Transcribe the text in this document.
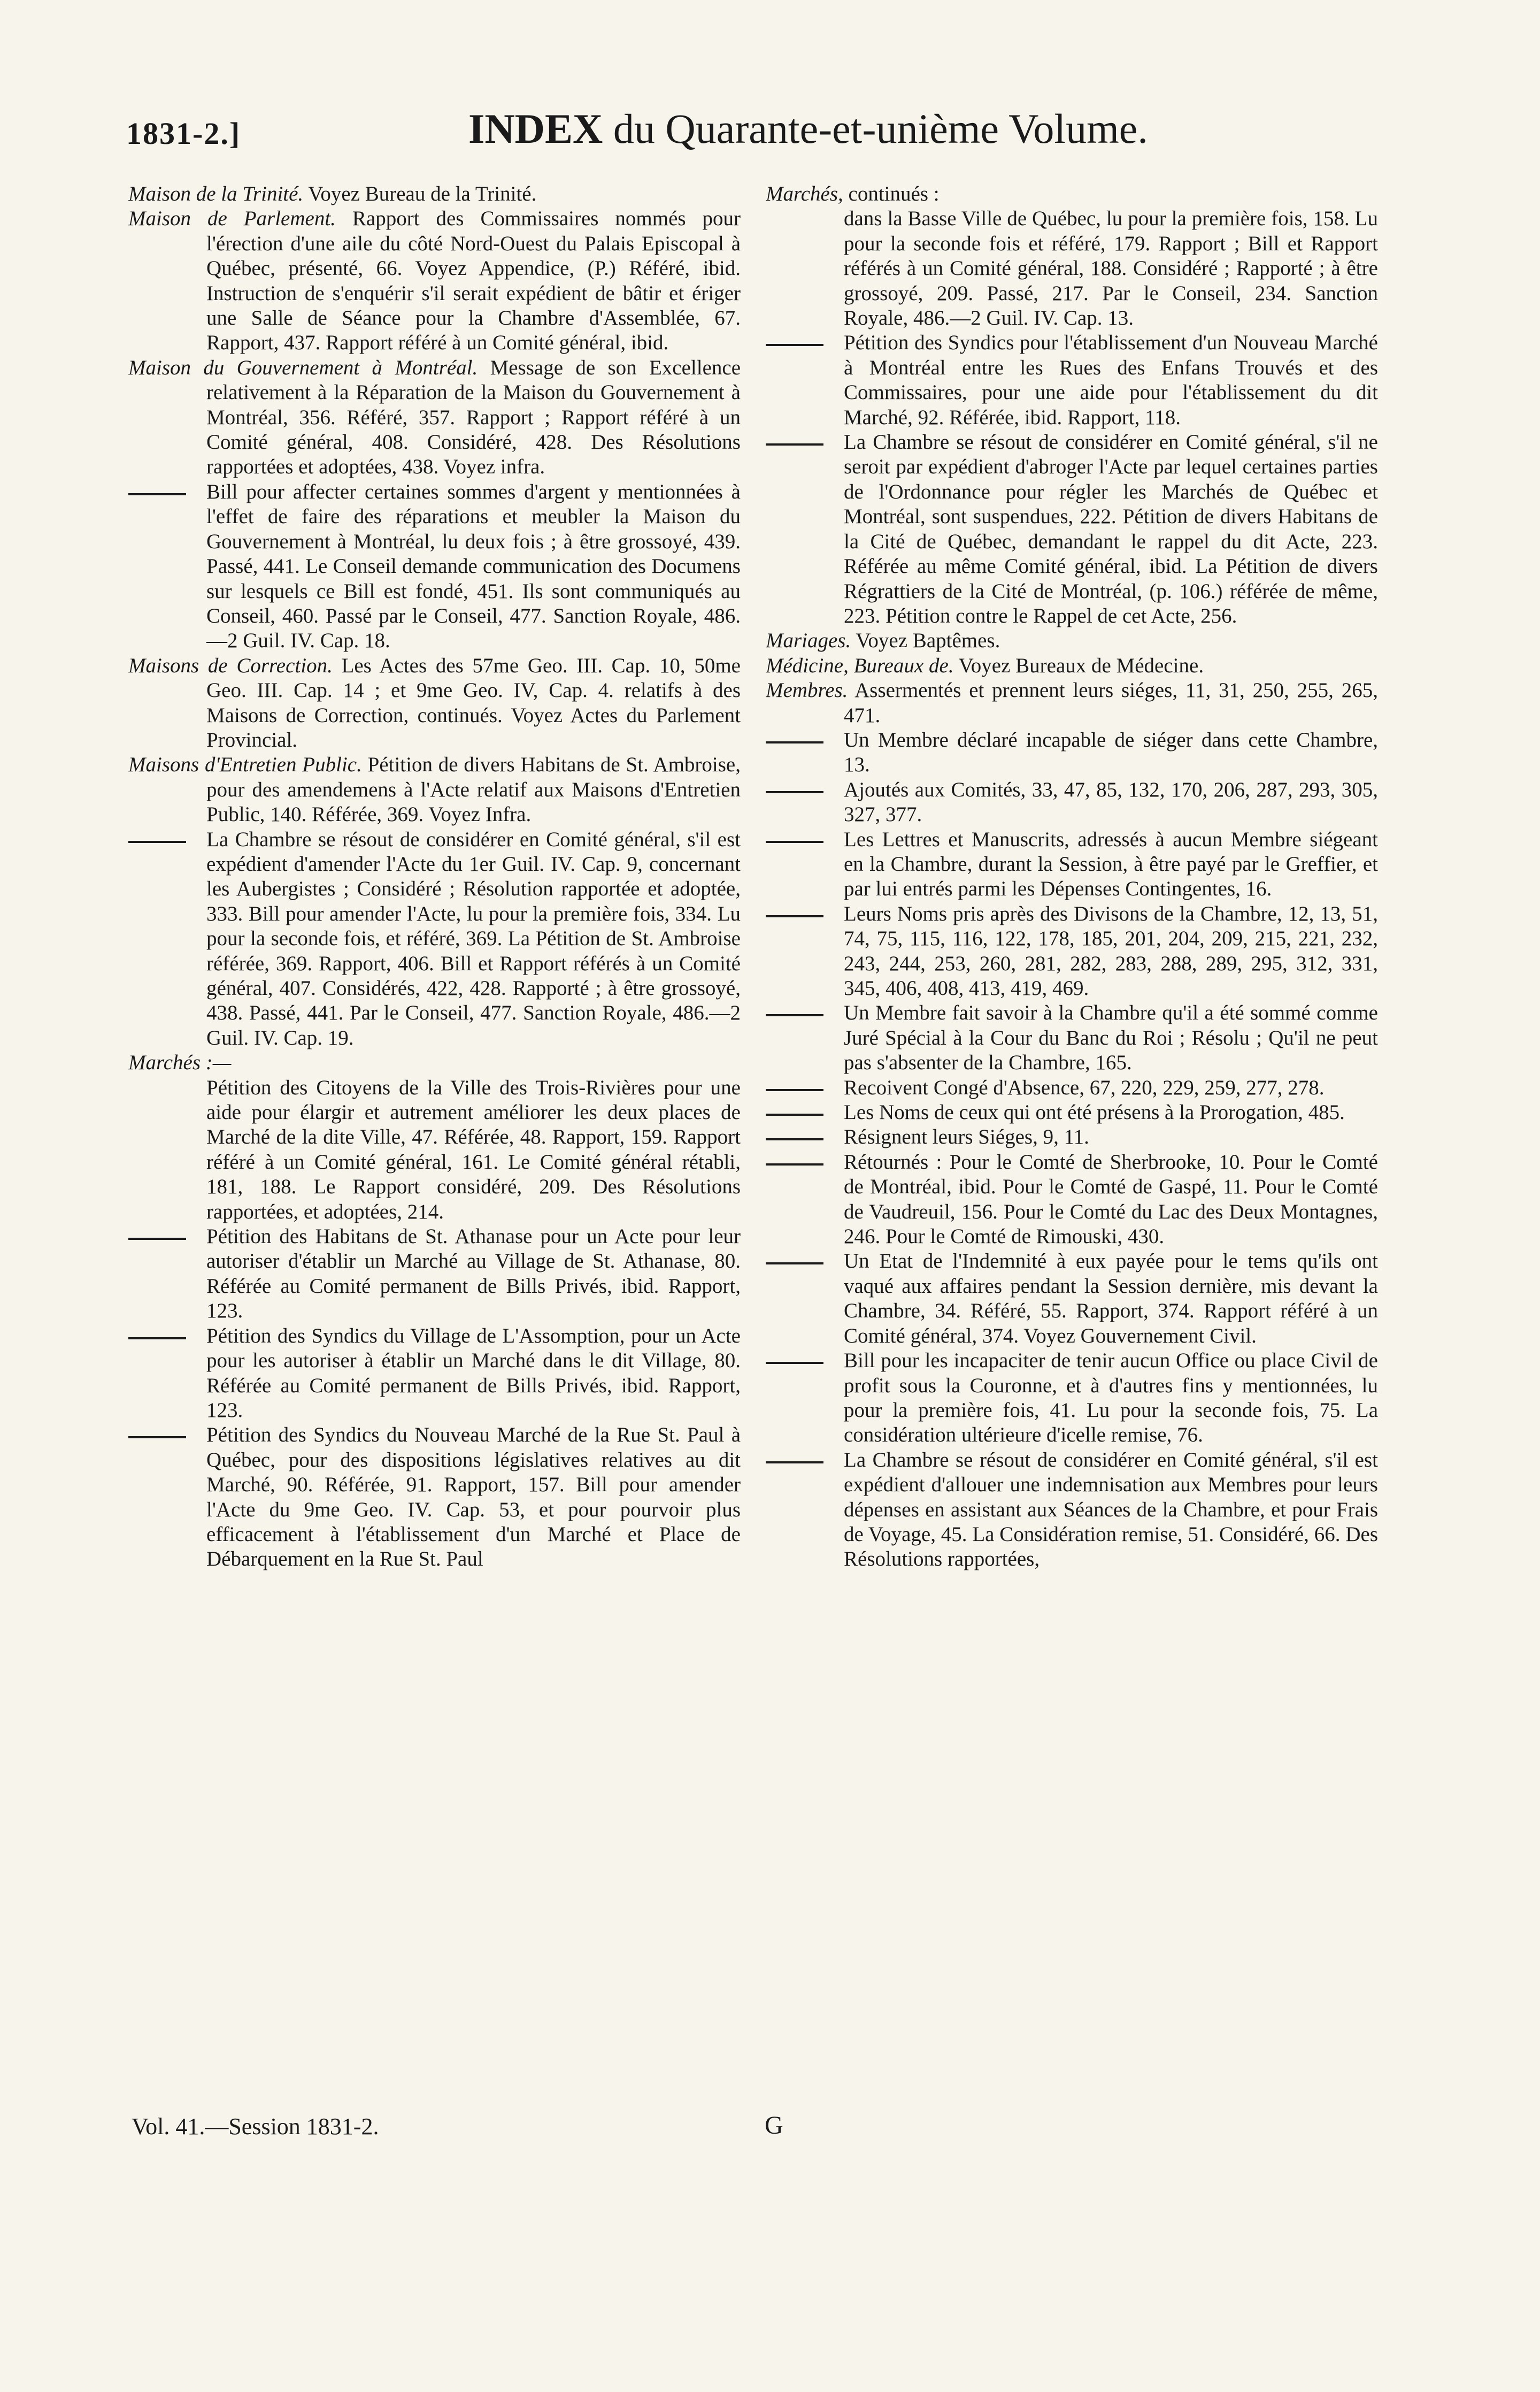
1831-2.]	INDEX du Quarante-et-unième Volume.

Maison de la Trinité. Voyez Bureau de la Trinité.

Maison de Parlement. Rapport des Commissaires nommés pour l'érection d'une aile du côté Nord-Ouest du Palais Episcopal à Québec, présenté, 66. Voyez Appendice, (P.) Référé, ibid. Instruction de s'enquérir s'il serait expédient de bâtir et ériger une Salle de Séance pour la Chambre d'Assemblée, 67. Rapport, 437. Rapport référé à un Comité général, ibid.

Maison du Gouvernement à Montréal. Message de son Excellence relativement à la Réparation de la Maison du Gouvernement à Montréal, 356. Référé, 357. Rapport ; Rapport référé à un Comité général, 408. Considéré, 428. Des Résolutions rapportées et adoptées, 438. Voyez infra.

Bill pour affecter certaines sommes d'argent y mentionnées à l'effet de faire des réparations et meubler la Maison du Gouvernement à Montréal, lu deux fois ; à être grossoyé, 439. Passé, 441. Le Conseil demande communication des Documens sur lesquels ce Bill est fondé, 451. Ils sont communiqués au Conseil, 460. Passé par le Conseil, 477. Sanction Royale, 486.—2 Guil. IV. Cap. 18.

Maisons de Correction. Les Actes des 57me Geo. III. Cap. 10, 50me Geo. III. Cap. 14 ; et 9me Geo. IV, Cap. 4. relatifs à des Maisons de Correction, continués. Voyez Actes du Parlement Provincial.

Maisons d'Entretien Public. Pétition de divers Habitans de St. Ambroise, pour des amendemens à l'Acte relatif aux Maisons d'Entretien Public, 140. Référée, 369. Voyez Infra.

La Chambre se résout de considérer en Comité général, s'il est expédient d'amender l'Acte du 1er Guil. IV. Cap. 9, concernant les Aubergistes ; Considéré ; Résolution rapportée et adoptée, 333. Bill pour amender l'Acte, lu pour la première fois, 334. Lu pour la seconde fois, et référé, 369. La Pétition de St. Ambroise référée, 369. Rapport, 406. Bill et Rapport référés à un Comité général, 407. Considérés, 422, 428. Rapporté ; à être grossoyé, 438. Passé, 441. Par le Conseil, 477. Sanction Royale, 486.—2 Guil. IV. Cap. 19.

Marchés :—

Pétition des Citoyens de la Ville des Trois-Rivières pour une aide pour élargir et autrement améliorer les deux places de Marché de la dite Ville, 47. Référée, 48. Rapport, 159. Rapport référé à un Comité général, 161. Le Comité général rétabli, 181, 188. Le Rapport considéré, 209. Des Résolutions rapportées, et adoptées, 214.

Pétition des Habitans de St. Athanase pour un Acte pour leur autoriser d'établir un Marché au Village de St. Athanase, 80. Référée au Comité permanent de Bills Privés, ibid. Rapport, 123.

Pétition des Syndics du Village de L'Assomption, pour un Acte pour les autoriser à établir un Marché dans le dit Village, 80. Référée au Comité permanent de Bills Privés, ibid. Rapport, 123.

Pétition des Syndics du Nouveau Marché de la Rue St. Paul à Québec, pour des dispositions législatives relatives au dit Marché, 90. Référée, 91. Rapport, 157. Bill pour amender l'Acte du 9me Geo. IV. Cap. 53, et pour pourvoir plus efficacement à l'établissement d'un Marché et Place de Débarquement en la Rue St. Paul

Marchés, continués :

dans la Basse Ville de Québec, lu pour la première fois, 158. Lu pour la seconde fois et référé, 179. Rapport ; Bill et Rapport référés à un Comité général, 188. Considéré ; Rapporté ; à être grossoyé, 209. Passé, 217. Par le Conseil, 234. Sanction Royale, 486.—2 Guil. IV. Cap. 13.

Pétition des Syndics pour l'établissement d'un Nouveau Marché à Montréal entre les Rues des Enfans Trouvés et des Commissaires, pour une aide pour l'établissement du dit Marché, 92. Référée, ibid. Rapport, 118.

La Chambre se résout de considérer en Comité général, s'il ne seroit par expédient d'abroger l'Acte par lequel certaines parties de l'Ordonnance pour régler les Marchés de Québec et Montréal, sont suspendues, 222. Pétition de divers Habitans de la Cité de Québec, demandant le rappel du dit Acte, 223. Référée au même Comité général, ibid. La Pétition de divers Régrattiers de la Cité de Montréal, (p. 106.) référée de même, 223. Pétition contre le Rappel de cet Acte, 256.

Mariages. Voyez Baptêmes.

Médicine, Bureaux de. Voyez Bureaux de Médecine.

Membres. Assermentés et prennent leurs siéges, 11, 31, 250, 255, 265, 471.

Un Membre déclaré incapable de siéger dans cette Chambre, 13.

Ajoutés aux Comités, 33, 47, 85, 132, 170, 206, 287, 293, 305, 327, 377.

Les Lettres et Manuscrits, adressés à aucun Membre siégeant en la Chambre, durant la Session, à être payé par le Greffier, et par lui entrés parmi les Dépenses Contingentes, 16.

Leurs Noms pris après des Divisons de la Chambre, 12, 13, 51, 74, 75, 115, 116, 122, 178, 185, 201, 204, 209, 215, 221, 232, 243, 244, 253, 260, 281, 282, 283, 288, 289, 295, 312, 331, 345, 406, 408, 413, 419, 469.

Un Membre fait savoir à la Chambre qu'il a été sommé comme Juré Spécial à la Cour du Banc du Roi ; Résolu ; Qu'il ne peut pas s'absenter de la Chambre, 165.

Recoivent Congé d'Absence, 67, 220, 229, 259, 277, 278.

Les Noms de ceux qui ont été présens à la Prorogation, 485.

Résignent leurs Siéges, 9, 11.

Rétournés : Pour le Comté de Sherbrooke, 10. Pour le Comté de Montréal, ibid. Pour le Comté de Gaspé, 11. Pour le Comté de Vaudreuil, 156. Pour le Comté du Lac des Deux Montagnes, 246. Pour le Comté de Rimouski, 430.

Un Etat de l'Indemnité à eux payée pour le tems qu'ils ont vaqué aux affaires pendant la Session dernière, mis devant la Chambre, 34. Référé, 55. Rapport, 374. Rapport référé à un Comité général, 374. Voyez Gouvernement Civil.

Bill pour les incapaciter de tenir aucun Office ou place Civil de profit sous la Couronne, et à d'autres fins y mentionnées, lu pour la première fois, 41. Lu pour la seconde fois, 75. La considération ultérieure d'icelle remise, 76.

La Chambre se résout de considérer en Comité général, s'il est expédient d'allouer une indemnisation aux Membres pour leurs dépenses en assistant aux Séances de la Chambre, et pour Frais de Voyage, 45. La Considération remise, 51. Considéré, 66. Des Résolutions rapportées,

Vol. 41.—Session 1831-2.	G
